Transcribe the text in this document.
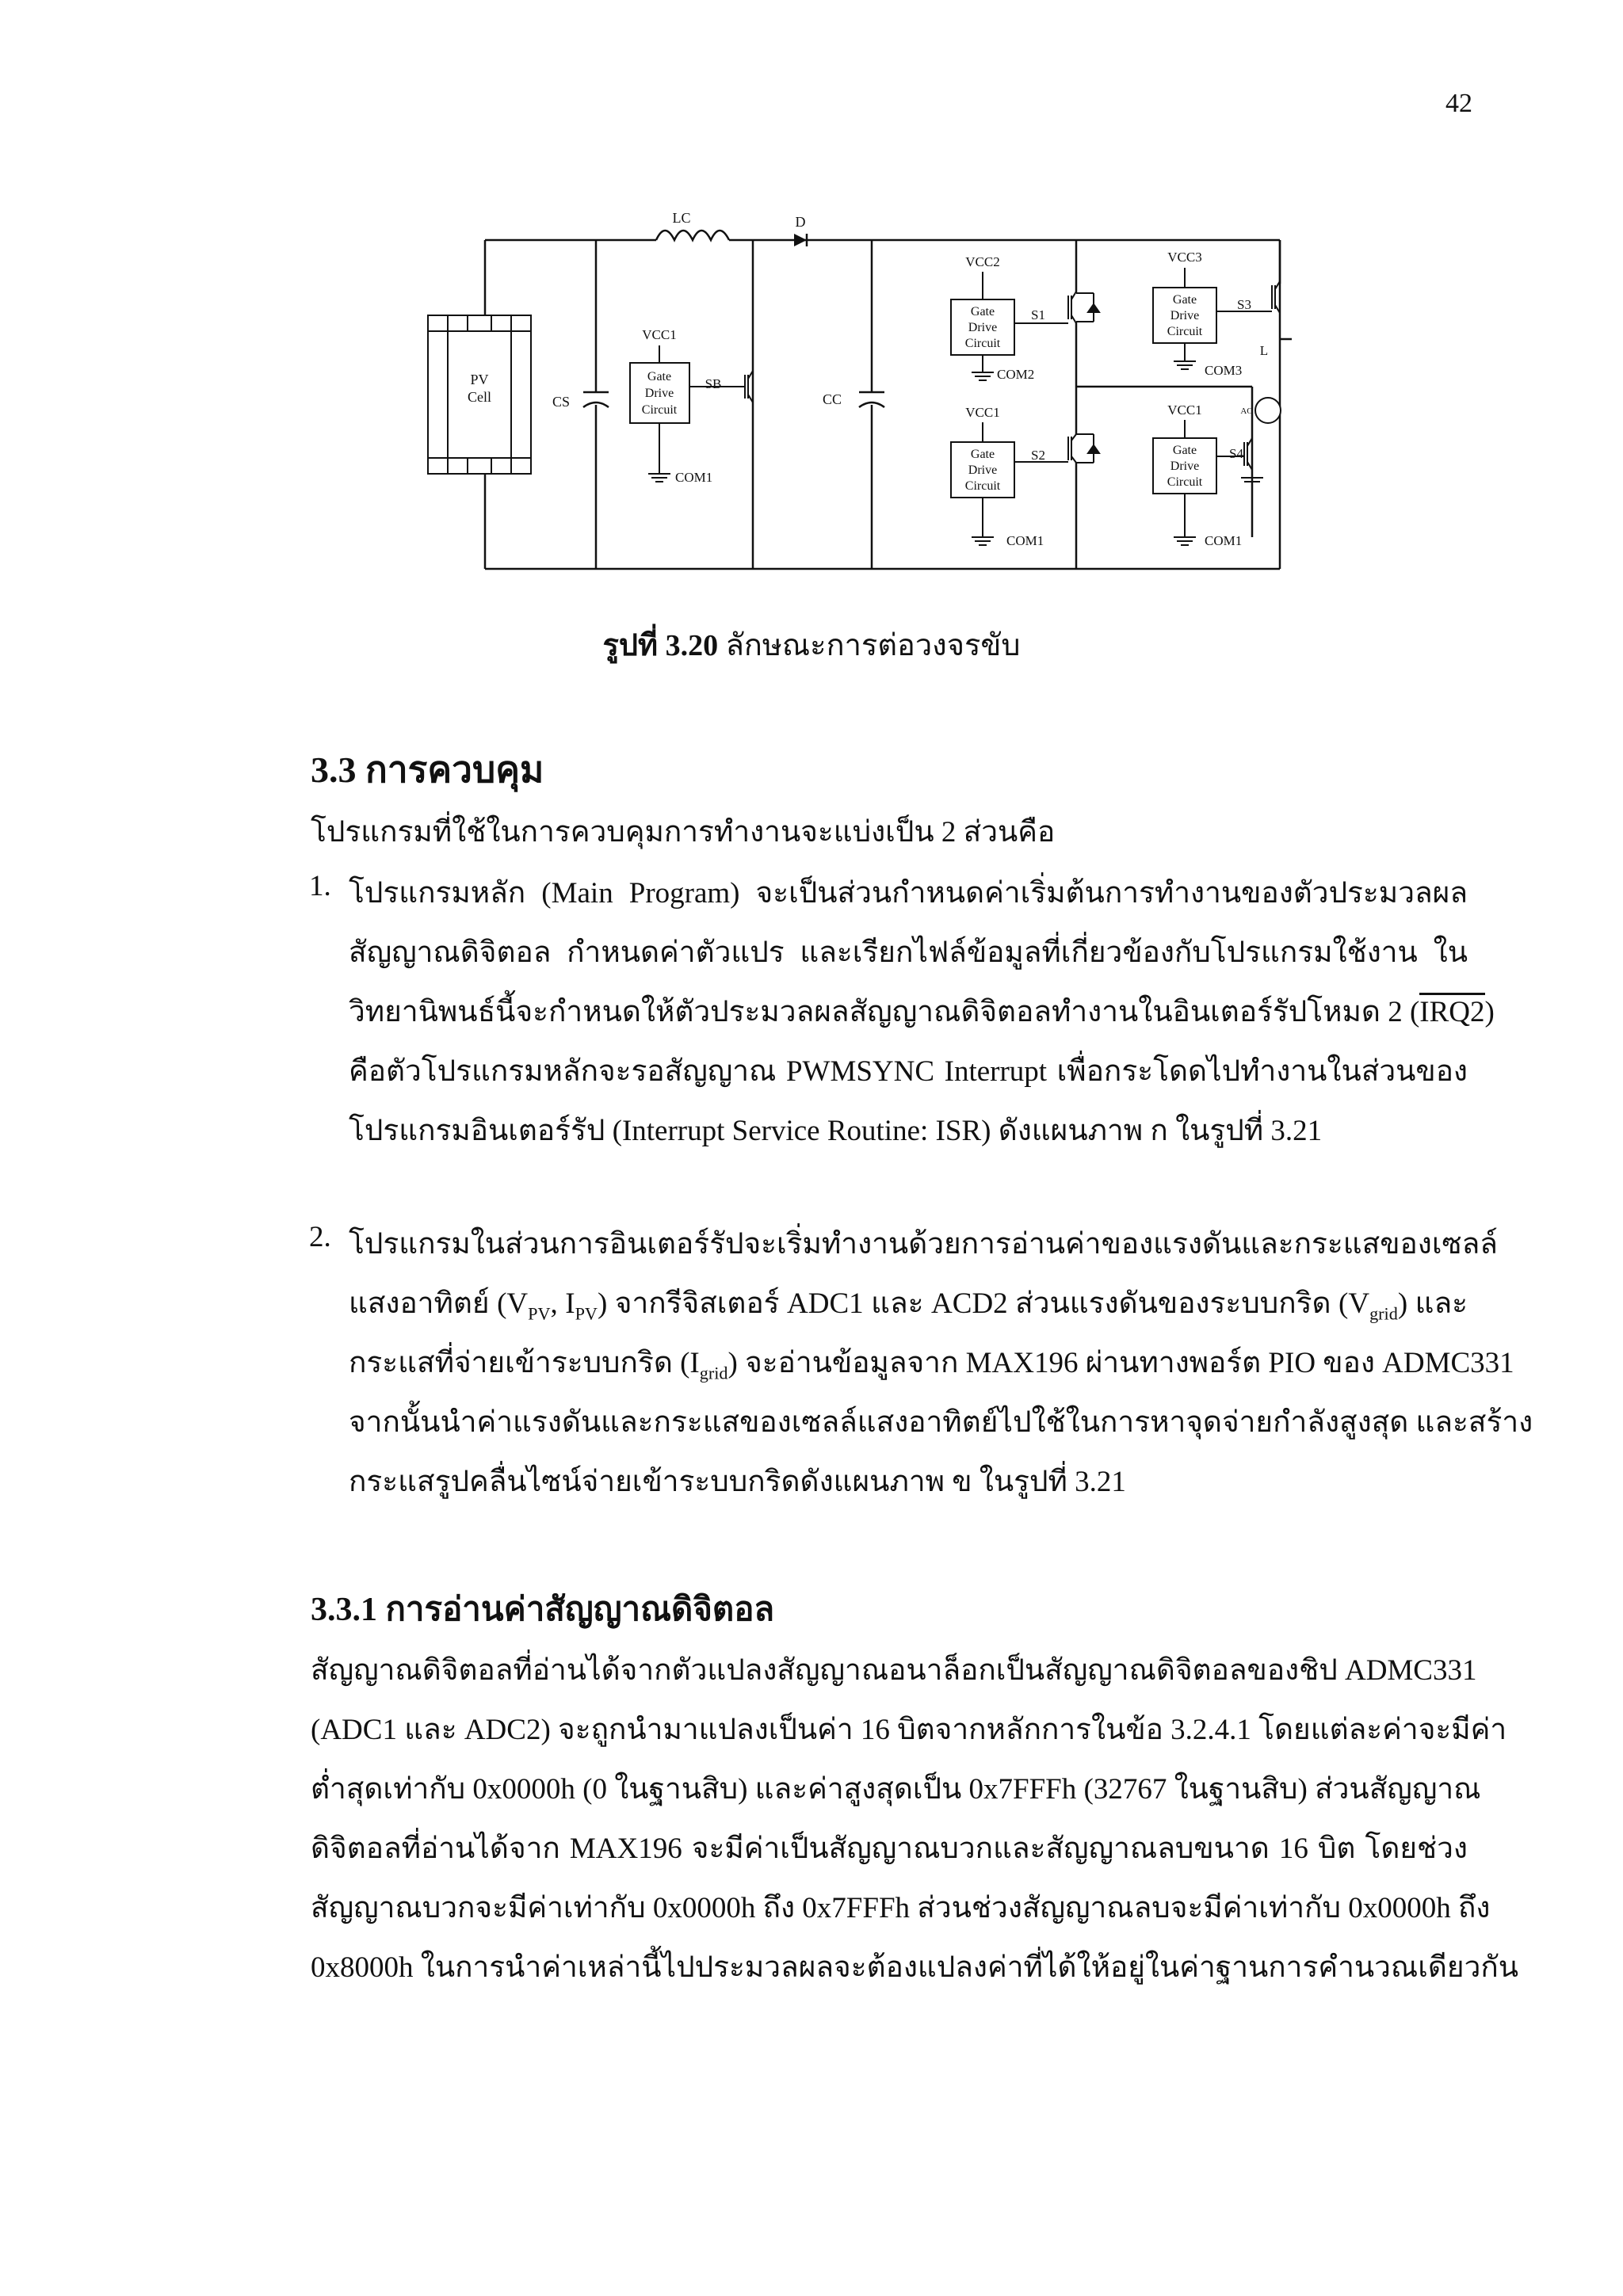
42
PV
Cell
LC	D
CS	CC
VCC1
Gate
Drive
Circuit
COM1
SB
VCC2
Gate
Drive
Circuit
COM2
S1
VCC1
Gate
Drive
Circuit
COM1
S2
VCC3
Gate
Drive
Circuit
COM3
S3
VCC1
Gate
Drive
Circuit
COM1
S4
L
AC
รูปที่ 3.20 ลักษณะการต่อวงจรขับ
3.3 การควบคุม
โปรแกรมที่ใช้ในการควบคุมการทำงานจะแบ่งเป็น 2 ส่วนคือ
1. โปรแกรมหลัก (Main Program) จะเป็นส่วนกำหนดค่าเริ่มต้นการทำงานของตัวประมวลผล
สัญญาณดิจิตอล กำหนดค่าตัวแปร และเรียกไฟล์ข้อมูลที่เกี่ยวข้องกับโปรแกรมใช้งาน ใน
วิทยานิพนธ์นี้จะกำหนดให้ตัวประมวลผลสัญญาณดิจิตอลทำงานในอินเตอร์รัปโหมด 2 (IRQ2)
คือตัวโปรแกรมหลักจะรอสัญญาณ PWMSYNC Interrupt เพื่อกระโดดไปทำงานในส่วนของ
โปรแกรมอินเตอร์รัป (Interrupt Service Routine: ISR) ดังแผนภาพ ก ในรูปที่ 3.21
2. โปรแกรมในส่วนการอินเตอร์รัปจะเริ่มทำงานด้วยการอ่านค่าของแรงดันและกระแสของเซลล์
แสงอาทิตย์ ($V_{PV}$, $I_{PV}$) จากรีจิสเตอร์ ADC1 และ ACD2 ส่วนแรงดันของระบบกริด $(V_{grid})$ และ
กระแสที่จ่ายเข้าระบบกริด $(I_{grid})$ จะอ่านข้อมูลจาก MAX196 ผ่านทางพอร์ต PIO ของ ADMC331
จากนั้นนำค่าแรงดันและกระแสของเซลล์แสงอาทิตย์ไปใช้ในการหาจุดจ่ายกำลังสูงสุด และสร้าง
กระแสรูปคลื่นไซน์จ่ายเข้าระบบกริดดังแผนภาพ ข ในรูปที่ 3.21
3.3.1 การอ่านค่าสัญญาณดิจิตอล
สัญญาณดิจิตอลที่อ่านได้จากตัวแปลงสัญญาณอนาล็อกเป็นสัญญาณดิจิตอลของชิป ADMC331
(ADC1 และ ADC2) จะถูกนำมาแปลงเป็นค่า 16 บิตจากหลักการในข้อ 3.2.4.1 โดยแต่ละค่าจะมีค่า
ต่ำสุดเท่ากับ 0x0000h (0 ในฐานสิบ) และค่าสูงสุดเป็น 0x7FFFh (32767 ในฐานสิบ) ส่วนสัญญาณ
ดิจิตอลที่อ่านได้จาก MAX196 จะมีค่าเป็นสัญญาณบวกและสัญญาณลบขนาด 16 บิต โดยช่วง
สัญญาณบวกจะมีค่าเท่ากับ 0x0000h ถึง 0x7FFFh ส่วนช่วงสัญญาณลบจะมีค่าเท่ากับ 0x0000h ถึง
0x8000h ในการนำค่าเหล่านี้ไปประมวลผลจะต้องแปลงค่าที่ได้ให้อยู่ในค่าฐานการคำนวณเดียวกัน
